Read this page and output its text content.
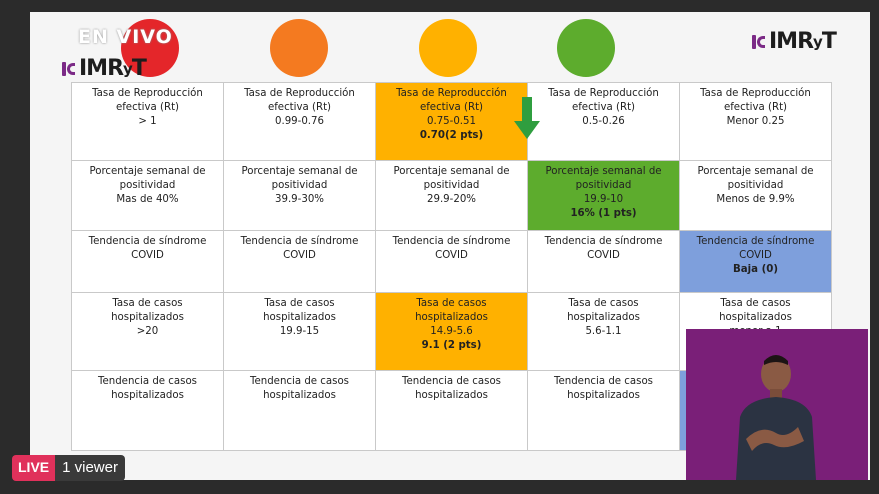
EN VIVO
IMR y T
IMR y T
Tasa de Reproducción
efectiva (Rt)
> 1	Tasa de Reproducción
efectiva (Rt)
0.99-0.76	Tasa de Reproducción
efectiva (Rt)
0.75-0.51
0.70(2 pts)	Tasa de Reproducción
efectiva (Rt)
0.5-0.26	Tasa de Reproducción
efectiva (Rt)
Menor 0.25

Porcentaje semanal de
positividad
Mas de 40%	Porcentaje semanal de
positividad
39.9-30%	Porcentaje semanal de
positividad
29.9-20%	Porcentaje semanal de
positividad
19.9-10
16% (1 pts)	Porcentaje semanal de
positividad
Menos de 9.9%

Tendencia de síndrome
COVID	Tendencia de síndrome
COVID	Tendencia de síndrome
COVID	Tendencia de síndrome
COVID	Tendencia de síndrome
COVID
Baja (0)

Tasa de casos hospitalizados
>20	Tasa de casos hospitalizados
19.9-15	Tasa de casos hospitalizados
14.9-5.6
9.1 (2 pts)	Tasa de casos hospitalizados
5.6-1.1	Tasa de casos hospitalizados

Tendencia de casos
hospitalizados	Tendencia de casos
hospitalizados	Tendencia de casos
hospitalizados	Tendencia de casos
hospitalizados	

LIVE 1 viewer
